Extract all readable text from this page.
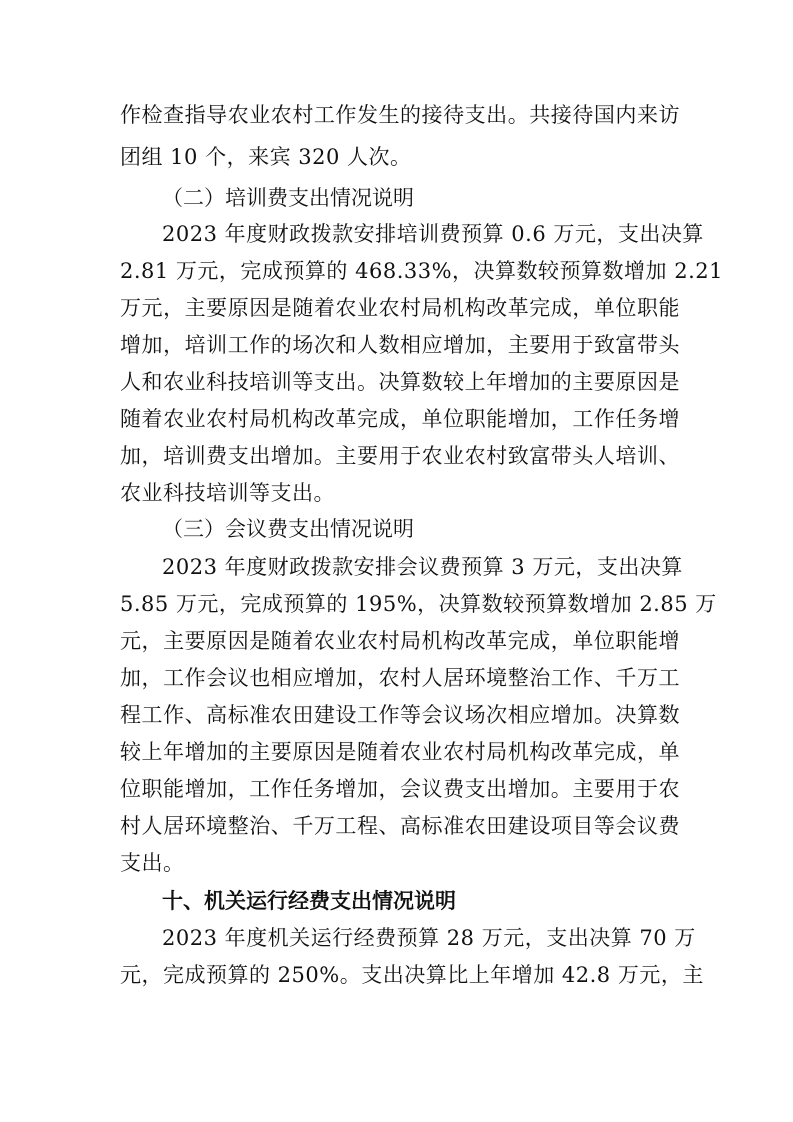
作检查指导农业农村工作发生的接待支出。共接待国内来访
团组 10 个，来宾 320 人次。
（二）培训费支出情况说明
2023 年度财政拨款安排培训费预算 0.6 万元，支出决算
2.81 万元，完成预算的 468.33%，决算数较预算数增加 2.21
万元，主要原因是随着农业农村局机构改革完成，单位职能
增加，培训工作的场次和人数相应增加，主要用于致富带头
人和农业科技培训等支出。决算数较上年增加的主要原因是
随着农业农村局机构改革完成，单位职能增加，工作任务增
加，培训费支出增加。主要用于农业农村致富带头人培训、
农业科技培训等支出。
（三）会议费支出情况说明
2023 年度财政拨款安排会议费预算 3 万元，支出决算
5.85 万元，完成预算的 195%，决算数较预算数增加 2.85 万
元，主要原因是随着农业农村局机构改革完成，单位职能增
加，工作会议也相应增加，农村人居环境整治工作、千万工
程工作、高标准农田建设工作等会议场次相应增加。决算数
较上年增加的主要原因是随着农业农村局机构改革完成，单
位职能增加，工作任务增加，会议费支出增加。主要用于农
村人居环境整治、千万工程、高标准农田建设项目等会议费
支出。
十、机关运行经费支出情况说明
2023 年度机关运行经费预算 28 万元，支出决算 70 万
元，完成预算的 250%。支出决算比上年增加 42.8 万元，主
